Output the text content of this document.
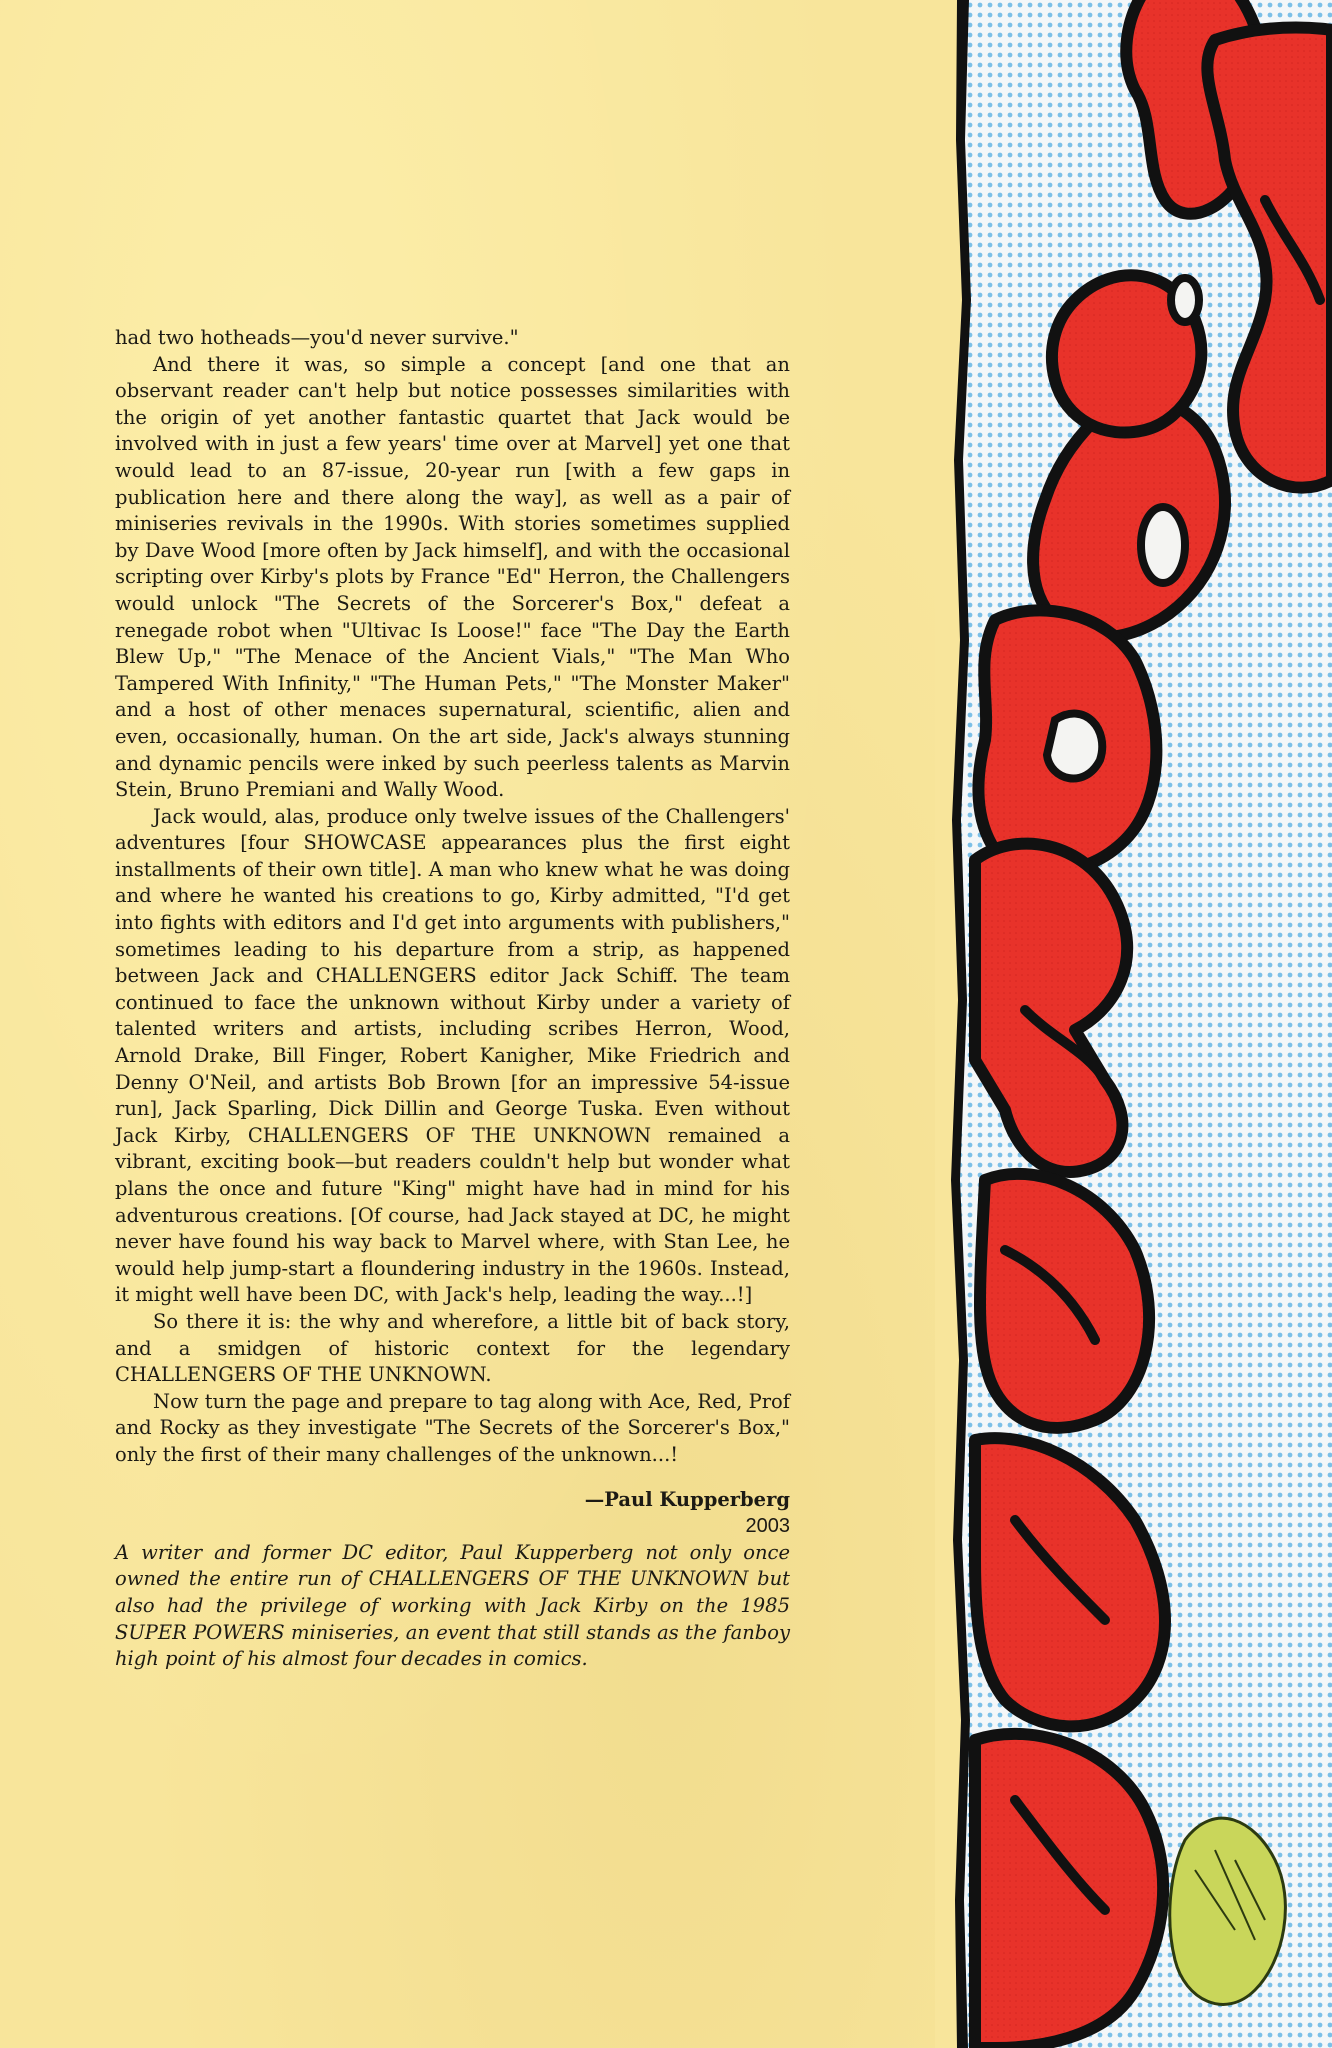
had two hotheads—you'd never survive."

And there it was, so simple a concept [and one that an observant reader can't help but notice possesses similarities with the origin of yet another fantastic quartet that Jack would be involved with in just a few years' time over at Marvel] yet one that would lead to an 87-issue, 20-year run [with a few gaps in publication here and there along the way], as well as a pair of miniseries revivals in the 1990s. With stories sometimes supplied by Dave Wood [more often by Jack himself], and with the occasional scripting over Kirby's plots by France "Ed" Herron, the Challengers would unlock "The Secrets of the Sorcerer's Box," defeat a renegade robot when "Ultivac Is Loose!" face "The Day the Earth Blew Up," "The Menace of the Ancient Vials," "The Man Who Tampered With Infinity," "The Human Pets," "The Monster Maker" and a host of other menaces supernatural, scientific, alien and even, occasionally, human. On the art side, Jack's always stunning and dynamic pencils were inked by such peerless talents as Marvin Stein, Bruno Premiani and Wally Wood.

Jack would, alas, produce only twelve issues of the Challengers' adventures [four SHOWCASE appearances plus the first eight installments of their own title]. A man who knew what he was doing and where he wanted his creations to go, Kirby admitted, "I'd get into fights with editors and I'd get into arguments with publishers," sometimes leading to his departure from a strip, as happened between Jack and CHALLENGERS editor Jack Schiff. The team continued to face the unknown without Kirby under a variety of talented writers and artists, including scribes Herron, Wood, Arnold Drake, Bill Finger, Robert Kanigher, Mike Friedrich and Denny O'Neil, and artists Bob Brown [for an impressive 54-issue run], Jack Sparling, Dick Dillin and George Tuska. Even without Jack Kirby, CHALLENGERS OF THE UNKNOWN remained a vibrant, exciting book—but readers couldn't help but wonder what plans the once and future "King" might have had in mind for his adventurous creations. [Of course, had Jack stayed at DC, he might never have found his way back to Marvel where, with Stan Lee, he would help jump-start a floundering industry in the 1960s. Instead, it might well have been DC, with Jack's help, leading the way...!]

So there it is: the why and wherefore, a little bit of back story, and a smidgen of historic context for the legendary CHALLENGERS OF THE UNKNOWN.

Now turn the page and prepare to tag along with Ace, Red, Prof and Rocky as they investigate "The Secrets of the Sorcerer's Box," only the first of their many challenges of the unknown...!

—Paul Kupperberg
2003

A writer and former DC editor, Paul Kupperberg not only once owned the entire run of CHALLENGERS OF THE UNKNOWN but also had the privilege of working with Jack Kirby on the 1985 SUPER POWERS miniseries, an event that still stands as the fanboy high point of his almost four decades in comics.
